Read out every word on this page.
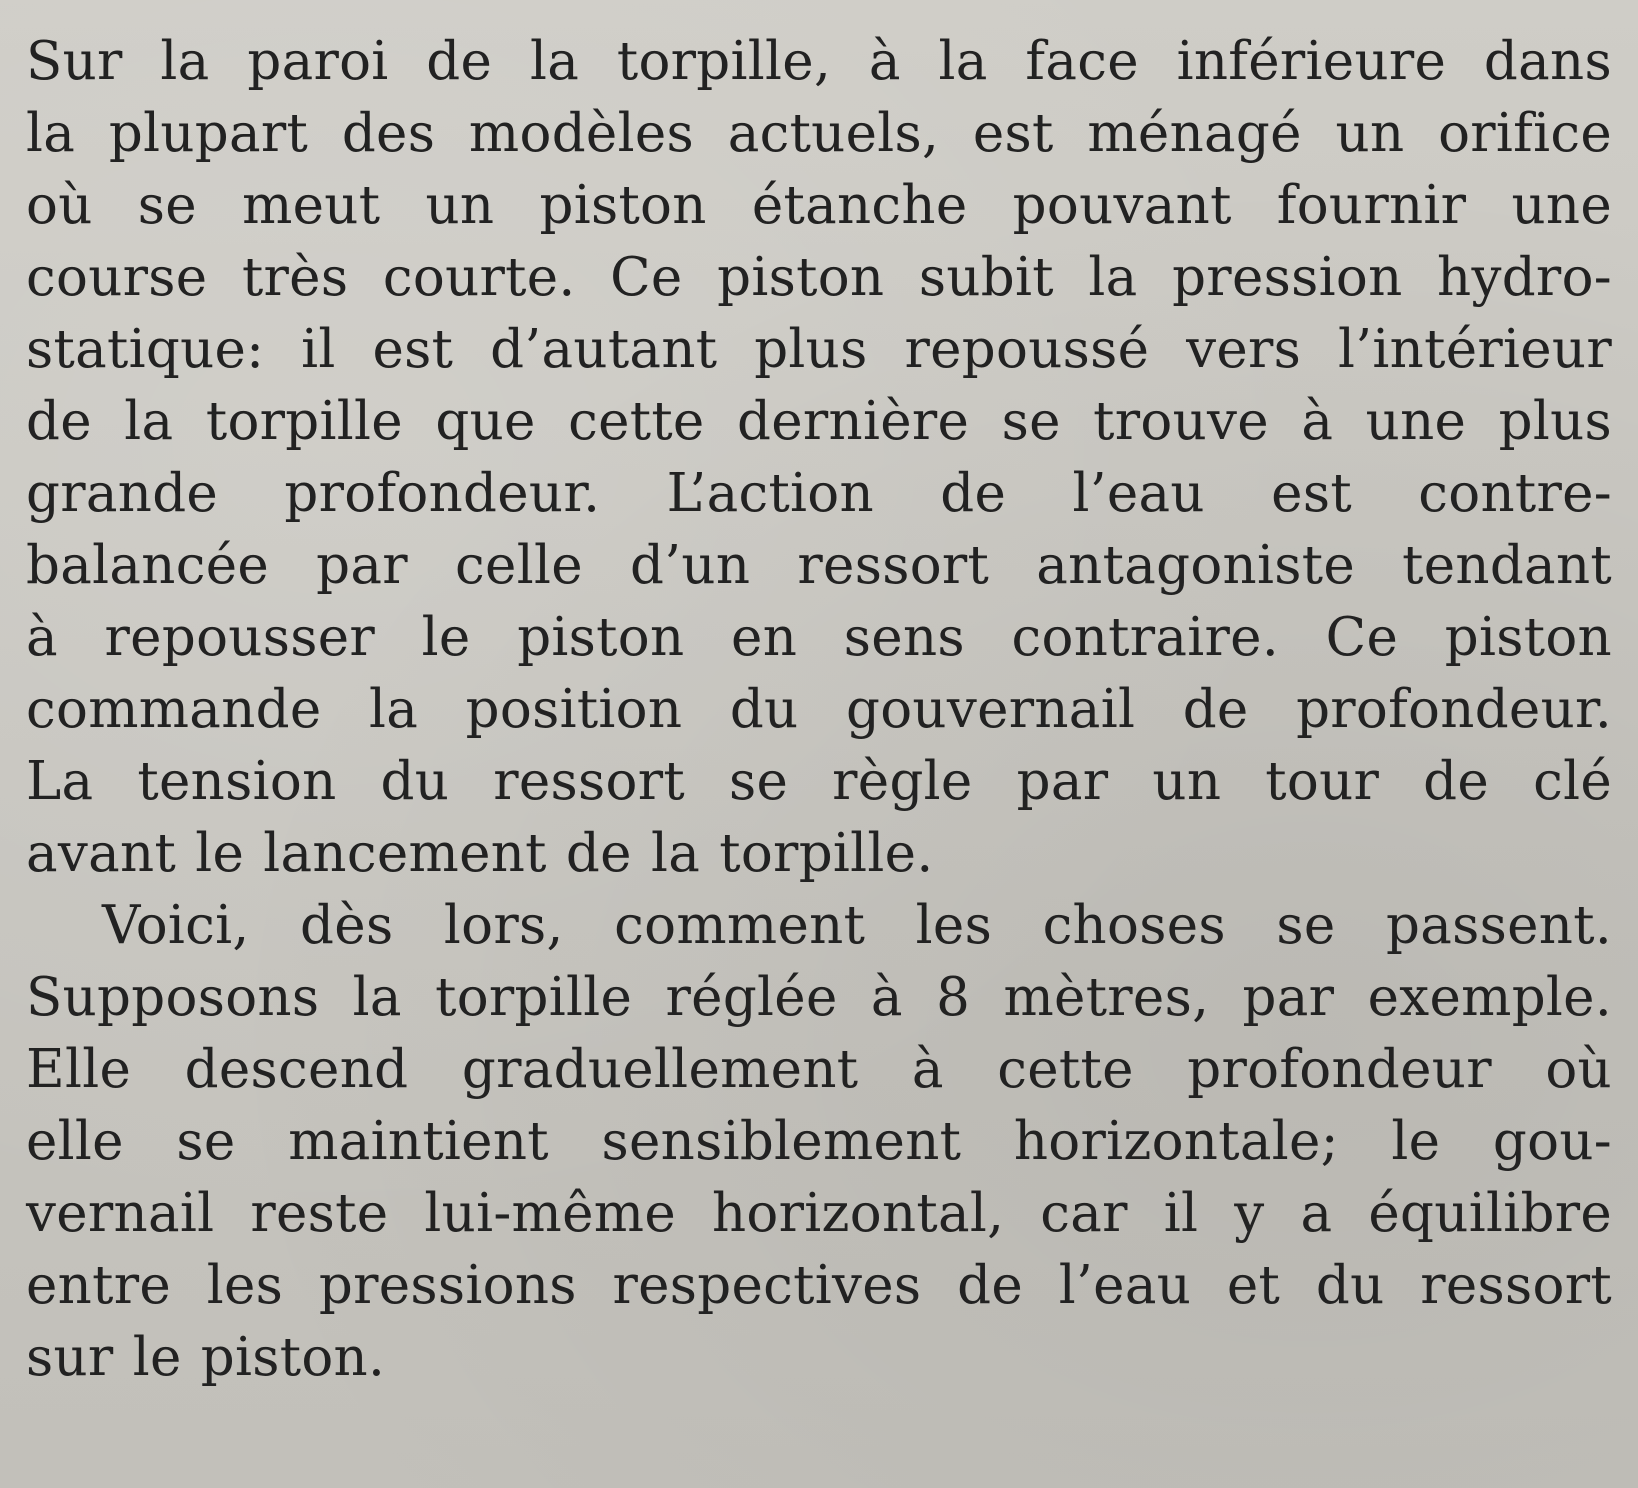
Sur la paroi de la torpille, à la face inférieure dans
la plupart des modèles actuels, est ménagé un orifice
où se meut un piston étanche pouvant fournir une
course très courte. Ce piston subit la pression hydro-
statique: il est d’autant plus repoussé vers l’intérieur
de la torpille que cette dernière se trouve à une plus
grande profondeur. L’action de l’eau est contre-
balancée par celle d’un ressort antagoniste tendant
à repousser le piston en sens contraire. Ce piston
commande la position du gouvernail de profondeur.
La tension du ressort se règle par un tour de clé
avant le lancement de la torpille.
Voici, dès lors, comment les choses se passent.
Supposons la torpille réglée à 8 mètres, par exemple.
Elle descend graduellement à cette profondeur où
elle se maintient sensiblement horizontale; le gou-
vernail reste lui-même horizontal, car il y a équilibre
entre les pressions respectives de l’eau et du ressort
sur le piston.
